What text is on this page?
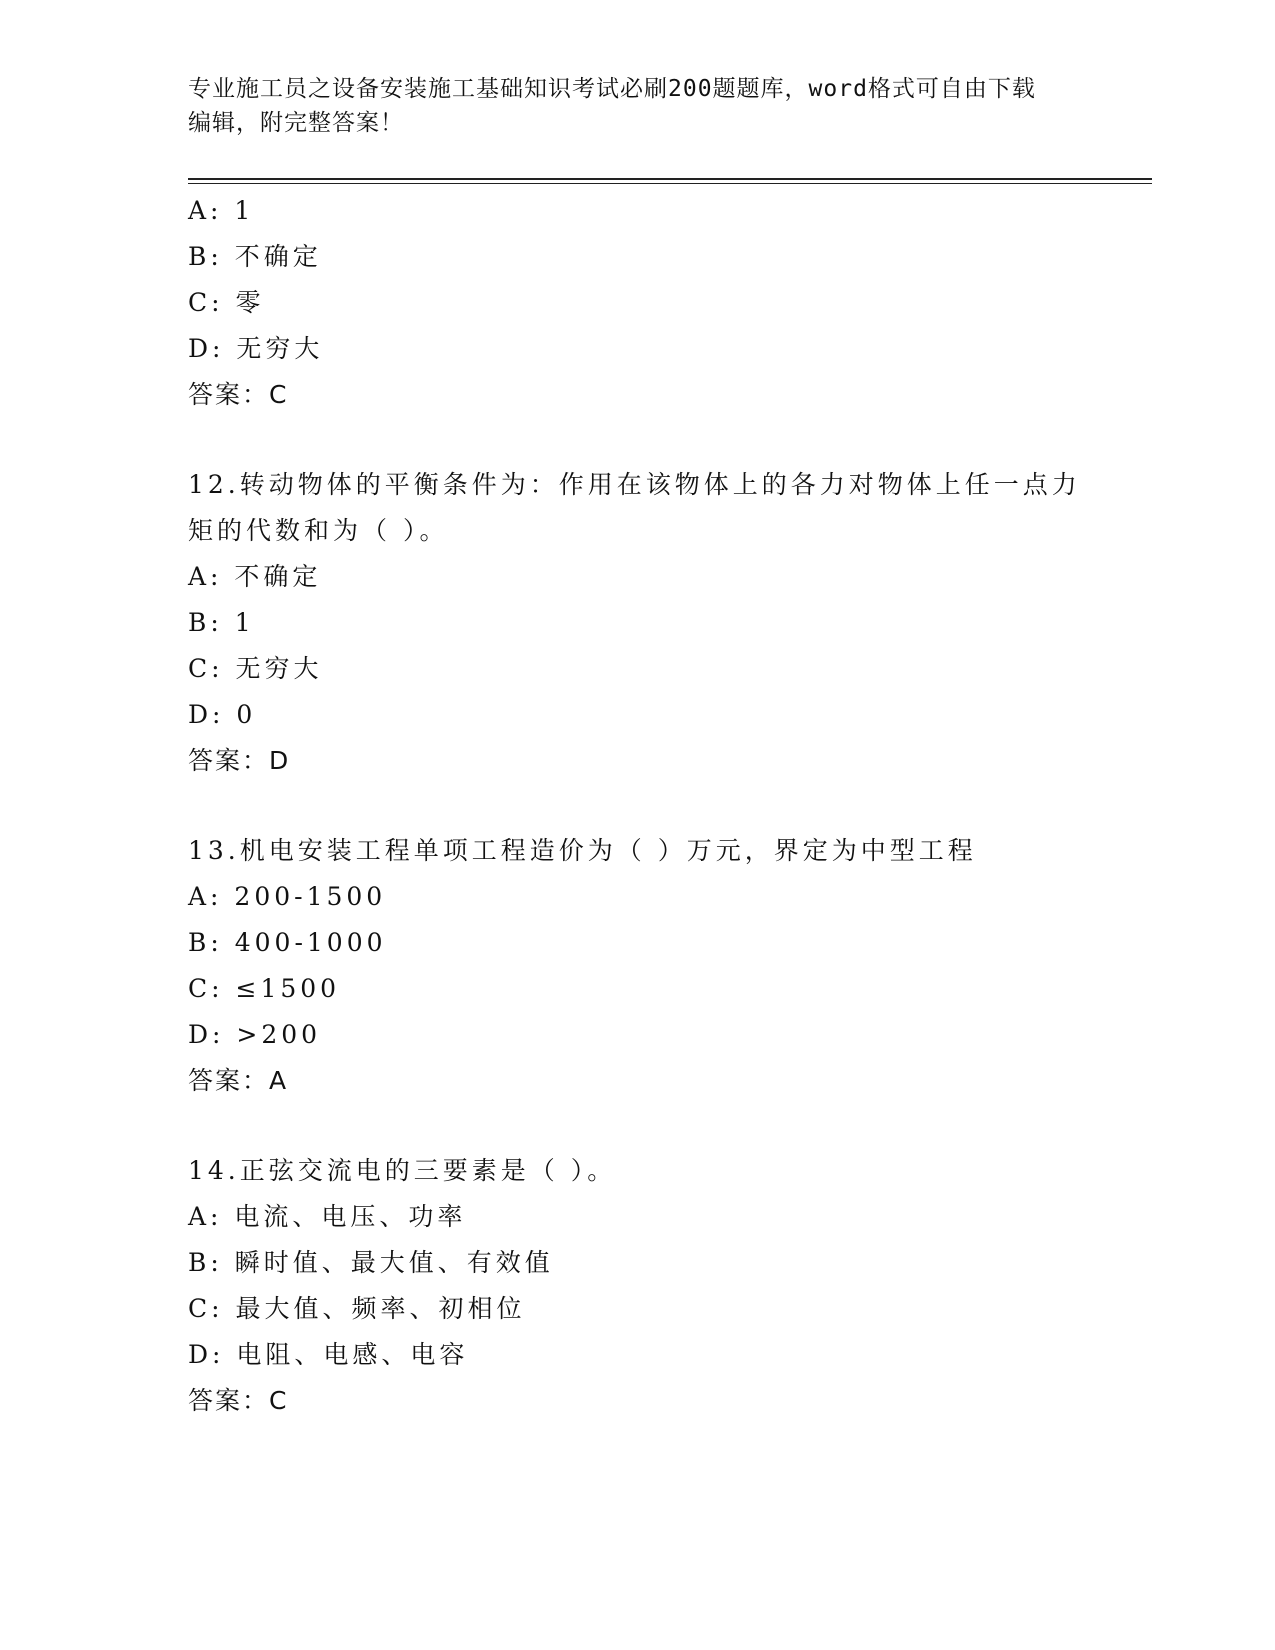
专业施工员之设备安装施工基础知识考试必刷200题题库，word格式可自由下载
编辑，附完整答案！
A: 1
B: 不确定
C: 零
D: 无穷大
答案：C
12.转动物体的平衡条件为：作用在该物体上的各力对物体上任一点力
矩的代数和为（ ）。
A: 不确定
B: 1
C: 无穷大
D: 0
答案：D
13.机电安装工程单项工程造价为（ ）万元，界定为中型工程
A: 200-1500
B: 400-1000
C: ≤1500
D: >200
答案：A
14.正弦交流电的三要素是（ ）。
A: 电流、电压、功率
B: 瞬时值、最大值、有效值
C: 最大值、频率、初相位
D: 电阻、电感、电容
答案：C
